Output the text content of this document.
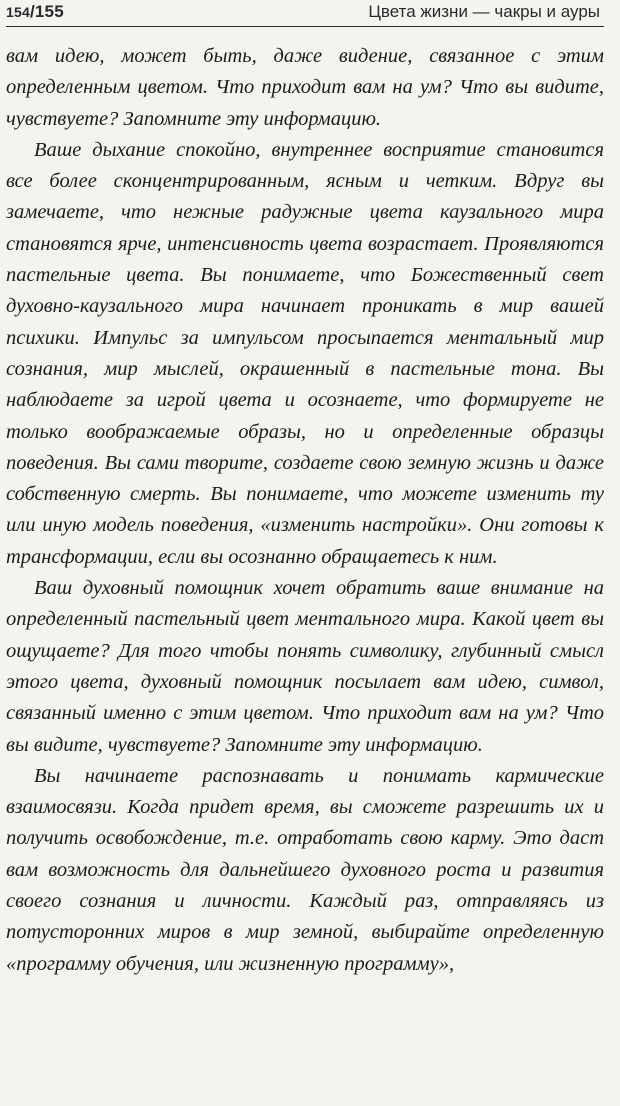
154/155	Цвета жизни — чакры и ауры

вам идею, может быть, даже видение, связанное с этим определенным цветом. Что приходит вам на ум? Что вы видите, чувствуете? Запомните эту информацию.

Ваше дыхание спокойно, внутреннее восприятие становится все более сконцентрированным, ясным и четким. Вдруг вы замечаете, что нежные радужные цвета каузального мира становятся ярче, интенсивность цвета возрастает. Проявляются пастельные цвета. Вы понимаете, что Божественный свет духовно-каузального мира начинает проникать в мир вашей психики. Импульс за импульсом просыпается ментальный мир сознания, мир мыслей, окрашенный в пастельные тона. Вы наблюдаете за игрой цвета и осознаете, что формируете не только воображаемые образы, но и определенные образцы поведения. Вы сами творите, создаете свою земную жизнь и даже собственную смерть. Вы понимаете, что можете изменить ту или иную модель поведения, «изменить настройки». Они готовы к трансформации, если вы осознанно обращаетесь к ним.

Ваш духовный помощник хочет обратить ваше внимание на определенный пастельный цвет ментального мира. Какой цвет вы ощущаете? Для того чтобы понять символику, глубинный смысл этого цвета, духовный помощник посылает вам идею, символ, связанный именно с этим цветом. Что приходит вам на ум? Что вы видите, чувствуете? Запомните эту информацию.

Вы начинаете распознавать и понимать кармические взаимосвязи. Когда придет время, вы сможете разрешить их и получить освобождение, т.е. отработать свою карму. Это даст вам возможность для дальнейшего духовного роста и развития своего сознания и личности. Каждый раз, отправляясь из потусторонних миров в мир земной, выбирайте определенную «программу обучения, или жизненную программу»,
